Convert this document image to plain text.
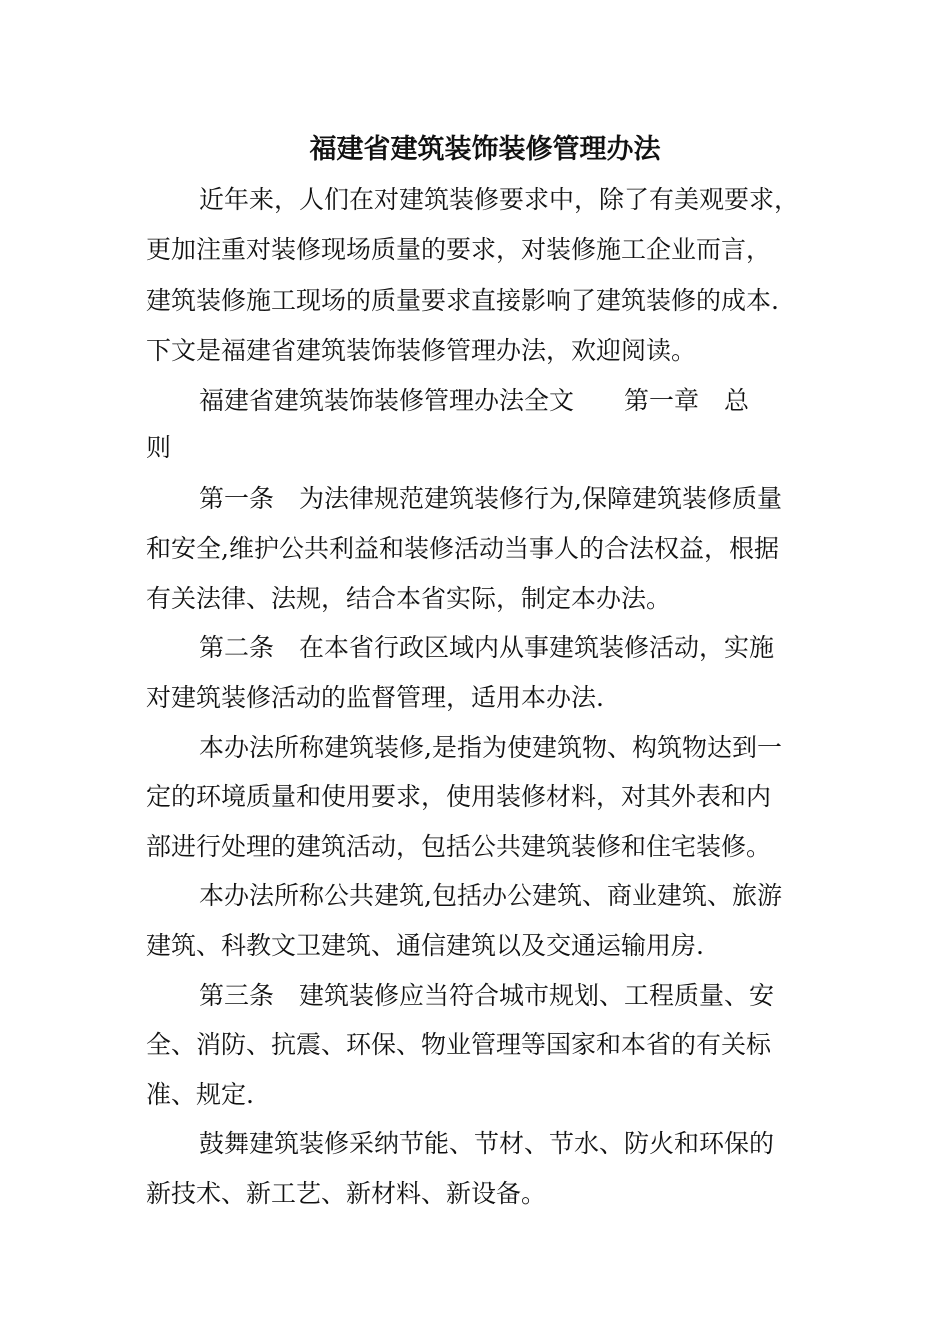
福建省建筑装饰装修管理办法
近年来，人们在对建筑装修要求中，除了有美观要求，
更加注重对装修现场质量的要求，对装修施工企业而言，
建筑装修施工现场的质量要求直接影响了建筑装修的成本.
下文是福建省建筑装饰装修管理办法，欢迎阅读。
福建省建筑装饰装修管理办法全文　　第一章　总
则
第一条　为法律规范建筑装修行为,保障建筑装修质量
和安全,维护公共利益和装修活动当事人的合法权益，根据
有关法律、法规，结合本省实际，制定本办法。
第二条　在本省行政区域内从事建筑装修活动，实施
对建筑装修活动的监督管理，适用本办法.
本办法所称建筑装修,是指为使建筑物、构筑物达到一
定的环境质量和使用要求，使用装修材料，对其外表和内
部进行处理的建筑活动，包括公共建筑装修和住宅装修。
本办法所称公共建筑,包括办公建筑、商业建筑、旅游
建筑、科教文卫建筑、通信建筑以及交通运输用房.
第三条　建筑装修应当符合城市规划、工程质量、安
全、消防、抗震、环保、物业管理等国家和本省的有关标
准、规定.
鼓舞建筑装修采纳节能、节材、节水、防火和环保的
新技术、新工艺、新材料、新设备。
